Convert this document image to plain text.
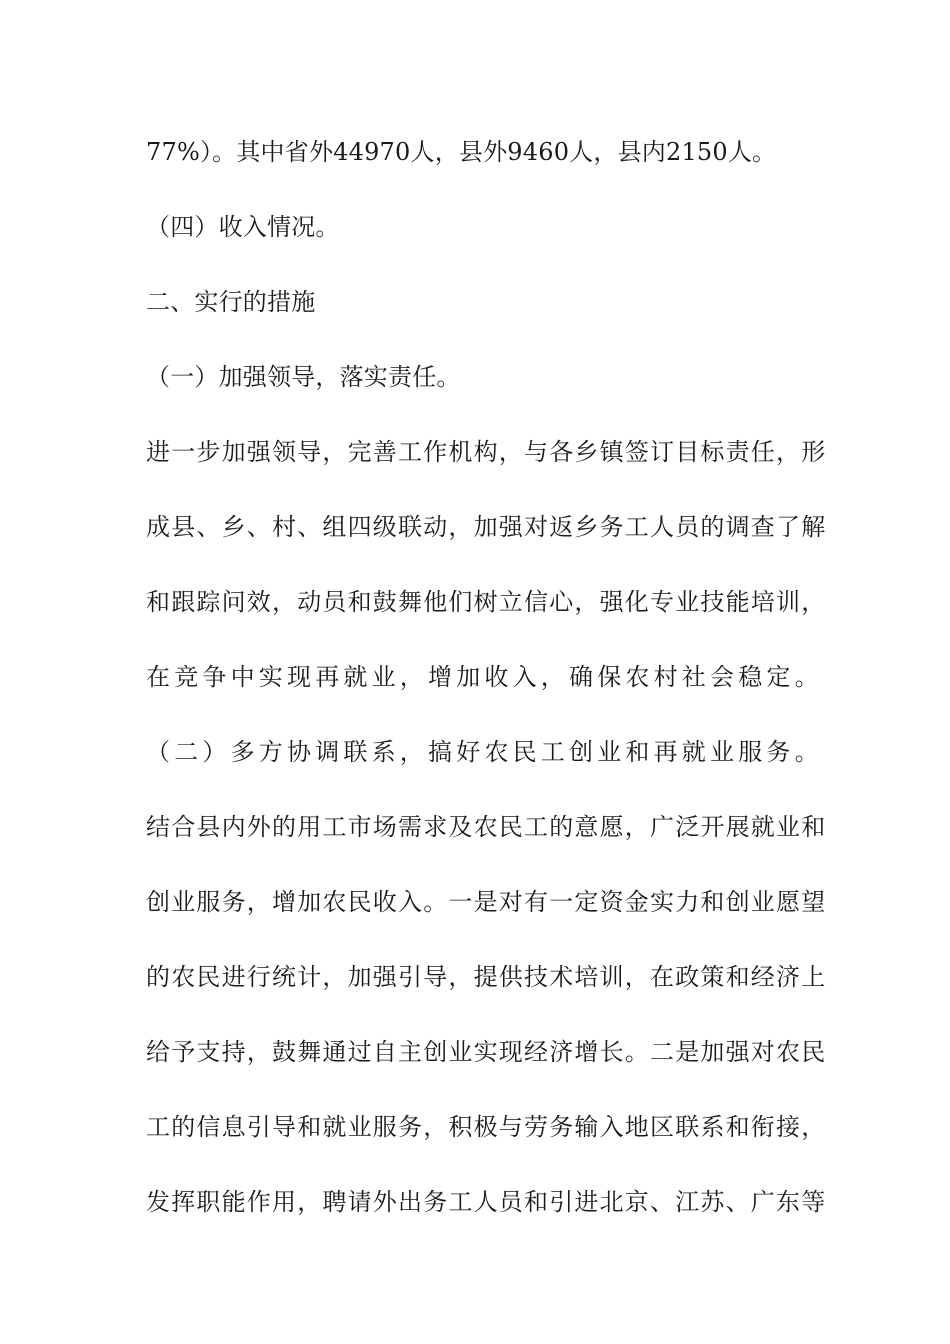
77%）。其中省外44970人，县外9460人，县内2150人。
（四）收入情况。
二、实行的措施
（一）加强领导，落实责任。
进一步加强领导，完善工作机构，与各乡镇签订目标责任，形
成县、乡、村、组四级联动，加强对返乡务工人员的调查了解
和跟踪问效，动员和鼓舞他们树立信心，强化专业技能培训，
在竞争中实现再就业，增加收入，确保农村社会稳定。
（二）多方协调联系，搞好农民工创业和再就业服务。
结合县内外的用工市场需求及农民工的意愿，广泛开展就业和
创业服务，增加农民收入。一是对有一定资金实力和创业愿望
的农民进行统计，加强引导，提供技术培训，在政策和经济上
给予支持，鼓舞通过自主创业实现经济增长。二是加强对农民
工的信息引导和就业服务，积极与劳务输入地区联系和衔接，
发挥职能作用，聘请外出务工人员和引进北京、江苏、广东等
